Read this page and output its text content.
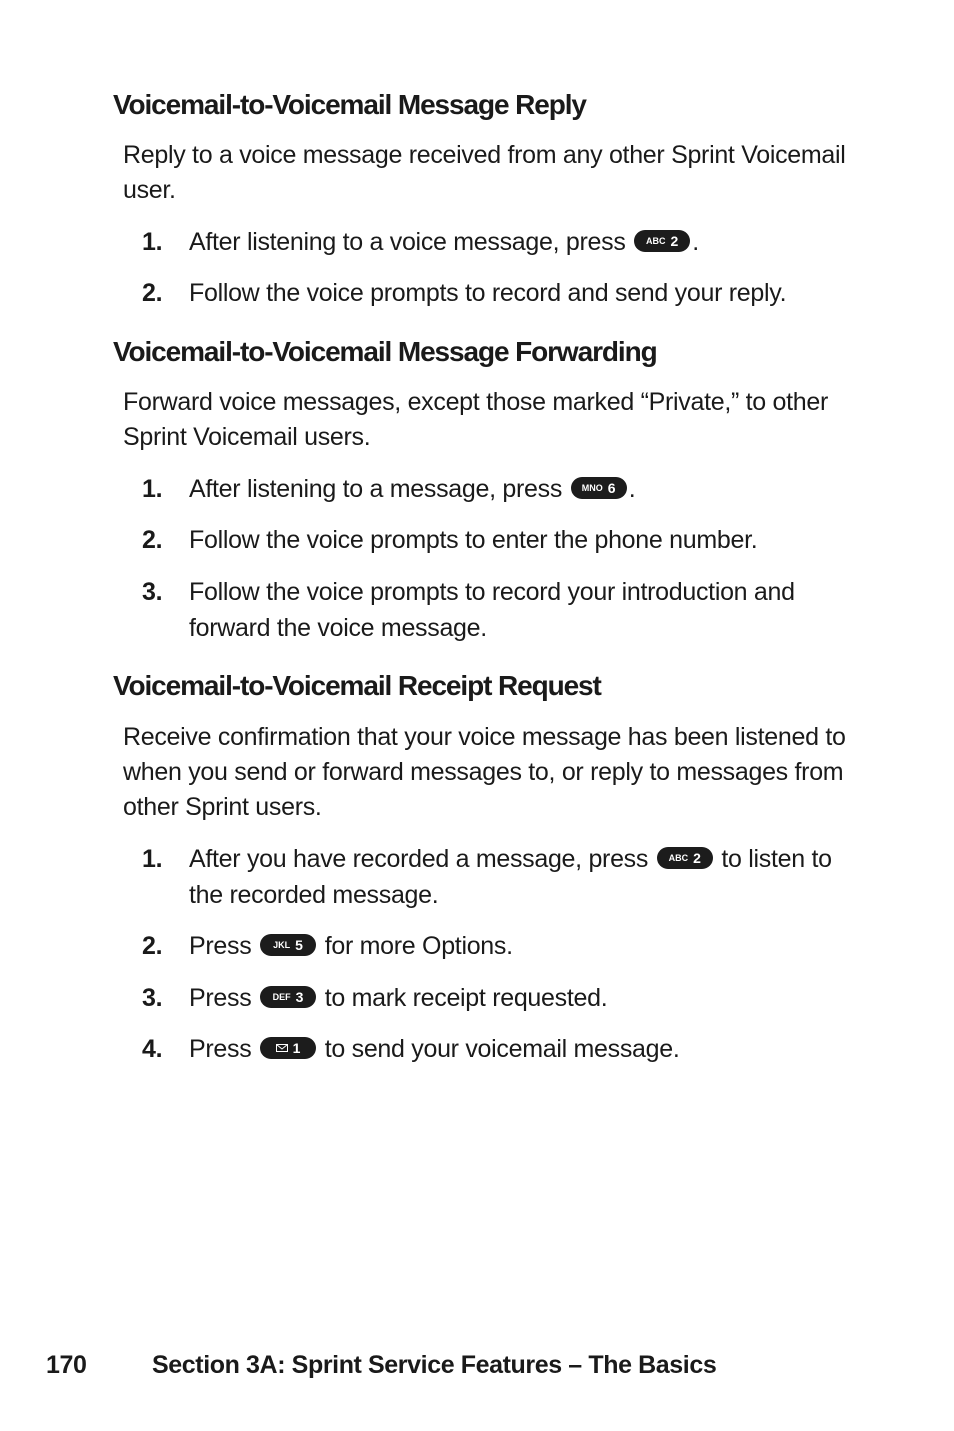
Voicemail-to-Voicemail Message Reply

Reply to a voice message received from any other Sprint Voicemail user.

1.	After listening to a voice message, press ABC 2 .
2.	Follow the voice prompts to record and send your reply.
Voicemail-to-Voicemail Message Forwarding

Forward voice messages, except those marked “Private,” to other Sprint Voicemail users.

1.	After listening to a message, press MNO 6 .
2.	Follow the voice prompts to enter the phone number.
3.	Follow the voice prompts to record your introduction and forward the voice message.
Voicemail-to-Voicemail Receipt Request

Receive confirmation that your voice message has been listened to when you send or forward messages to, or reply to messages from other Sprint users.

1.	After you have recorded a message, press ABC 2 to listen to the recorded message.
2.	Press JKL 5 for more Options.
3.	Press DEF 3 to mark receipt requested.
4.	Press	1 to send your voicemail message.
170	Section 3A: Sprint Service Features – The Basics
